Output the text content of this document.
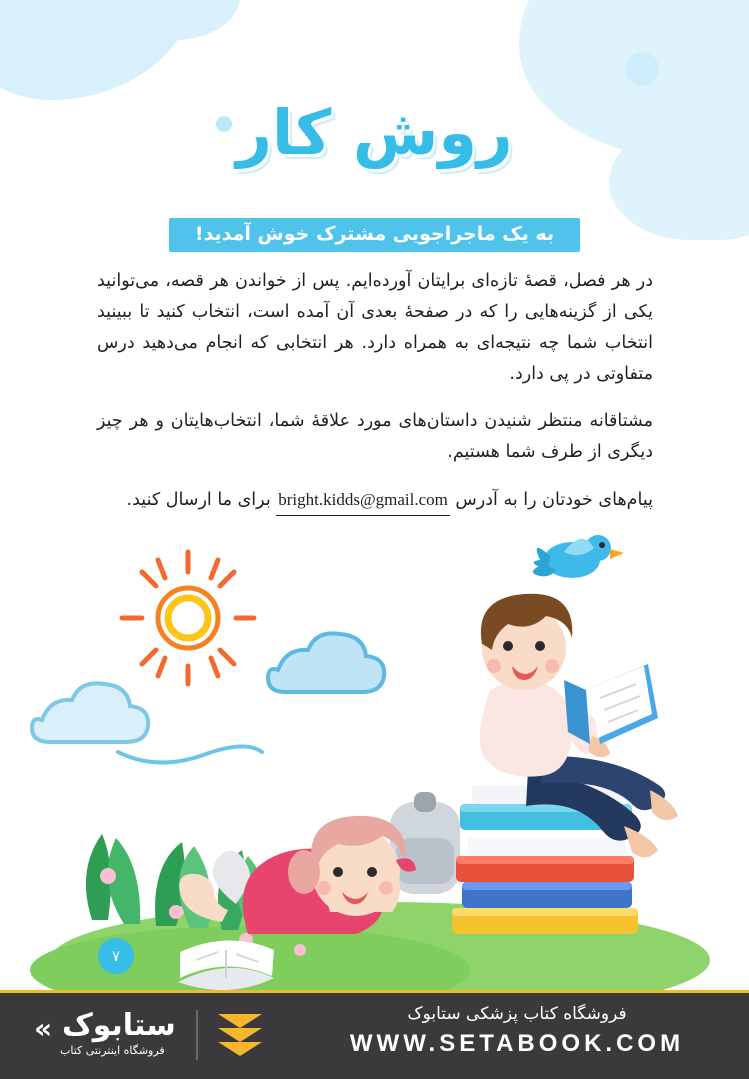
روش کار
به یک ماجراجویی مشترک خوش آمدید!

در هر فصل، قصهٔ تازه‌ای برایتان آورده‌ایم. پس از خواندن هر قصه، می‌توانید یکی از گزینه‌هایی را که در صفحهٔ بعدی آن آمده است، انتخاب کنید تا ببینید انتخاب شما چه نتیجه‌ای به همراه دارد. هر انتخابی که انجام می‌دهید درس متفاوتی در پی دارد.

مشتاقانه منتظر شنیدن داستان‌های مورد علاقهٔ شما، انتخاب‌هایتان و هر چیز دیگری از طرف شما هستیم.

پیام‌های خودتان را به آدرس bright.kidds@gmail.com برای ما ارسال کنید.

۷
« ستابوک
فروشگاه اینترنتی کتاب
فروشگاه کتاب پزشکی ستابوک
WWW.SETABOOK.COM
